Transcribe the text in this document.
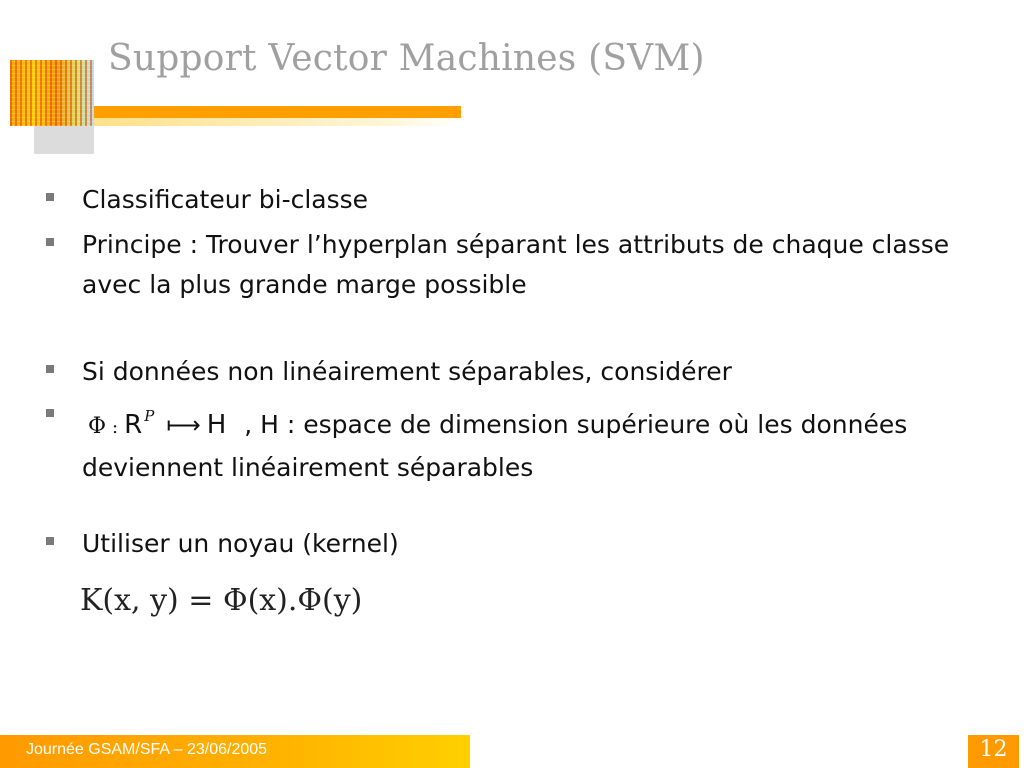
Support Vector Machines (SVM)
Classificateur bi-classe
Principe : Trouver l’hyperplan séparant les attributs de chaque classe avec la plus grande marge possible
Si données non linéairement séparables, considérer
Φ : R $^P$ ⟼ H , H : espace de dimension supérieure où les données deviennent linéairement séparables
Utiliser un noyau (kernel)
K(x, y) = Φ(x).Φ(y)
Journée GSAM/SFA – 23/06/2005	12
